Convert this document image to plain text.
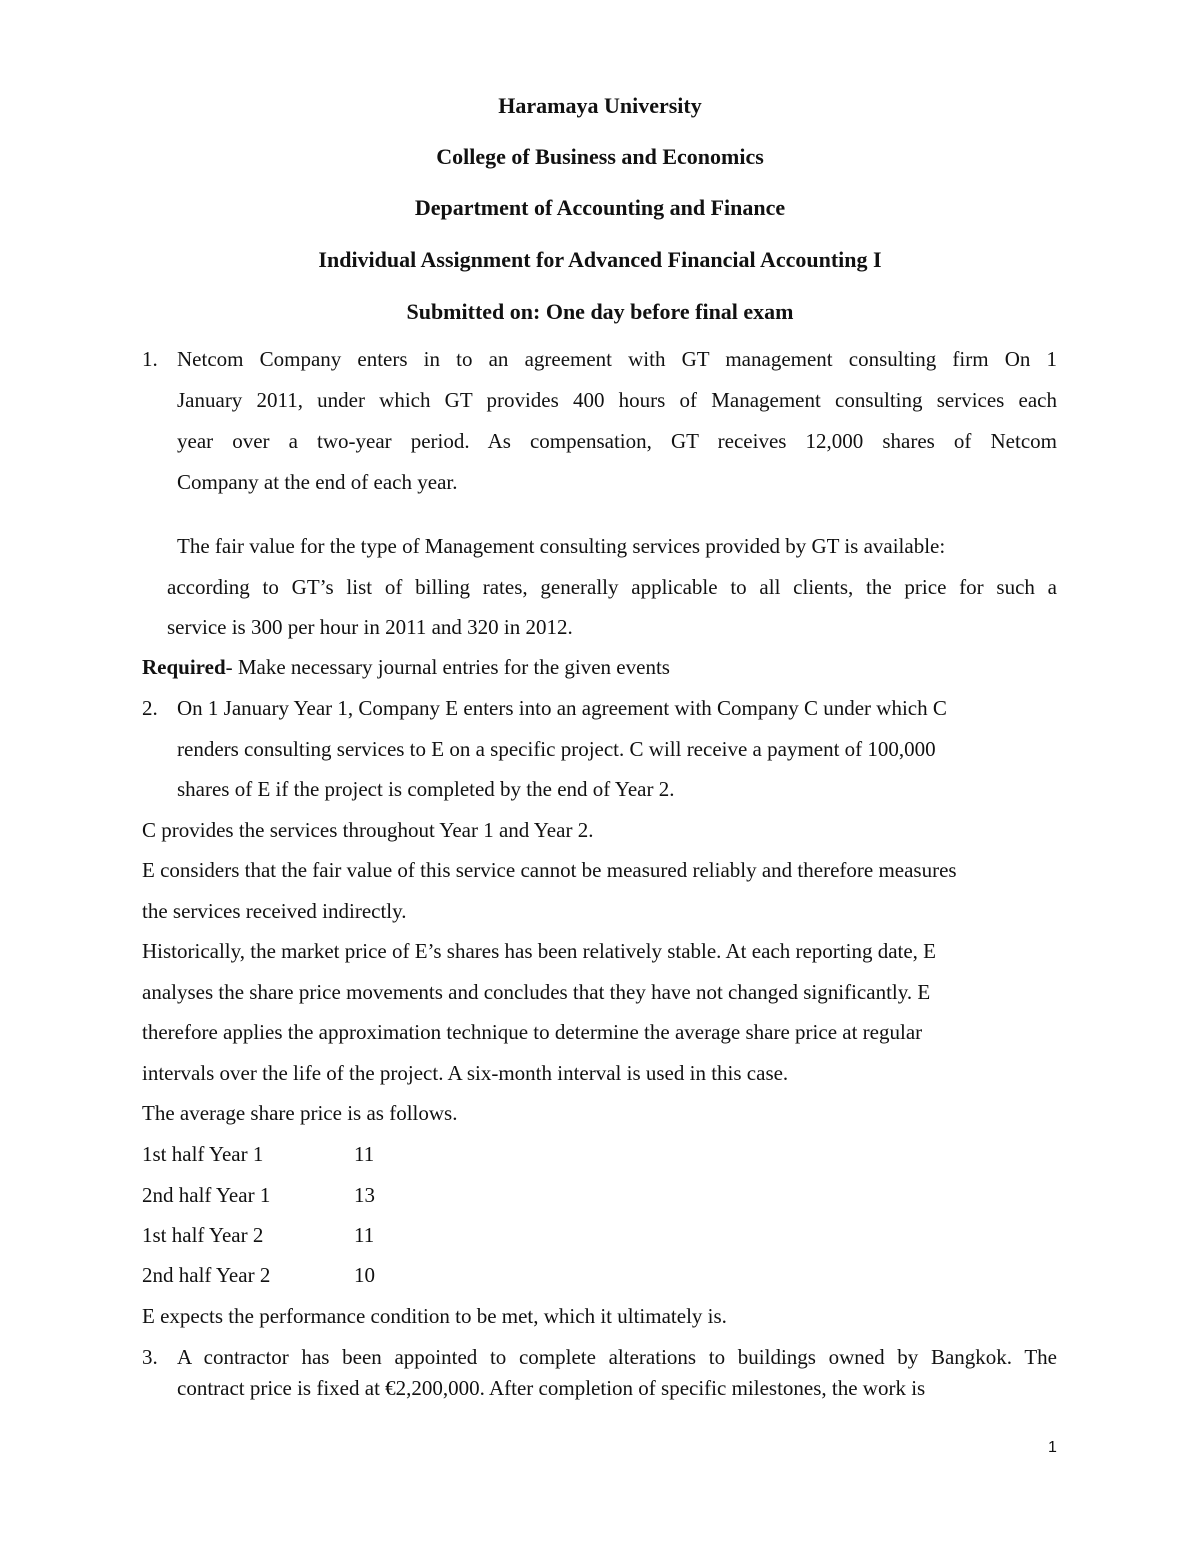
Haramaya University
College of Business and Economics
Department of Accounting and Finance
Individual Assignment for Advanced Financial Accounting I
Submitted on: One day before final exam
1. Netcom Company enters in to an agreement with GT management consulting firm On 1
January 2011, under which GT provides 400 hours of Management consulting services each
year over a two-year period. As compensation, GT receives 12,000 shares of Netcom
Company at the end of each year.
The fair value for the type of Management consulting services provided by GT is available:
according to GT’s list of billing rates, generally applicable to all clients, the price for such a
service is 300 per hour in 2011 and 320 in 2012.
Required- Make necessary journal entries for the given events
2. On 1 January Year 1, Company E enters into an agreement with Company C under which C
renders consulting services to E on a specific project. C will receive a payment of 100,000
shares of E if the project is completed by the end of Year 2.
C provides the services throughout Year 1 and Year 2.
E considers that the fair value of this service cannot be measured reliably and therefore measures
the services received indirectly.
Historically, the market price of E’s shares has been relatively stable. At each reporting date, E
analyses the share price movements and concludes that they have not changed significantly. E
therefore applies the approximation technique to determine the average share price at regular
intervals over the life of the project. A six-month interval is used in this case.
The average share price is as follows.
1st half Year 1	11
2nd half Year 1	13
1st half Year 2	11
2nd half Year 2	10
E expects the performance condition to be met, which it ultimately is.
3. A contractor has been appointed to complete alterations to buildings owned by Bangkok. The
contract price is fixed at €2,200,000. After completion of specific milestones, the work is
1
